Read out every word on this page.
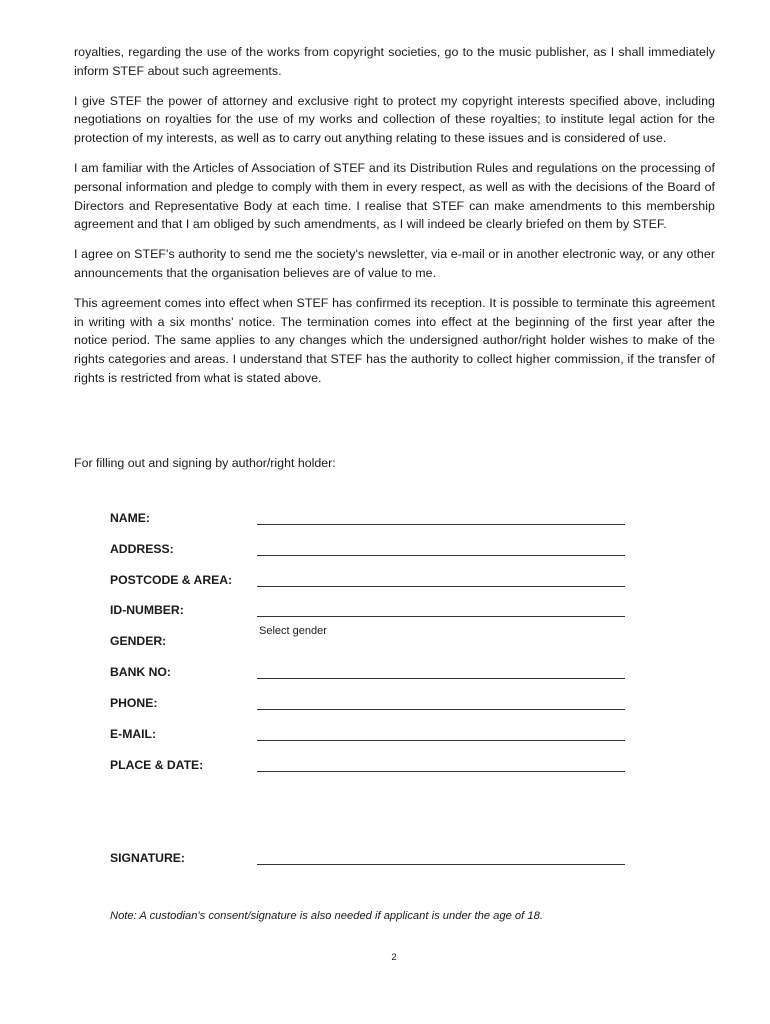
royalties, regarding the use of the works from copyright societies, go to the music publisher, as I shall immediately inform STEF about such agreements.

I give STEF the power of attorney and exclusive right to protect my copyright interests specified above, including negotiations on royalties for the use of my works and collection of these royalties; to institute legal action for the protection of my interests, as well as to carry out anything relating to these issues and is considered of use.

I am familiar with the Articles of Association of STEF and its Distribution Rules and regulations on the processing of personal information and pledge to comply with them in every respect, as well as with the decisions of the Board of Directors and Representative Body at each time. I realise that STEF can make amendments to this membership agreement and that I am obliged by such amendments, as I will indeed be clearly briefed on them by STEF.

I agree on STEF's authority to send me the society's newsletter, via e-mail or in another electronic way, or any other announcements that the organisation believes are of value to me.

This agreement comes into effect when STEF has confirmed its reception. It is possible to terminate this agreement in writing with a six months' notice. The termination comes into effect at the beginning of the first year after the notice period. The same applies to any changes which the undersigned author/right holder wishes to make of the rights categories and areas. I understand that STEF has the authority to collect higher commission, if the transfer of rights is restricted from what is stated above.

For filling out and signing by author/right holder:

NAME:
ADDRESS:
POSTCODE & AREA:
ID-NUMBER:
GENDER:
Select gender
BANK NO:
PHONE:
E-MAIL:
PLACE & DATE:
SIGNATURE:

Note: A custodian's consent/signature is also needed if applicant is under the age of 18.

2
